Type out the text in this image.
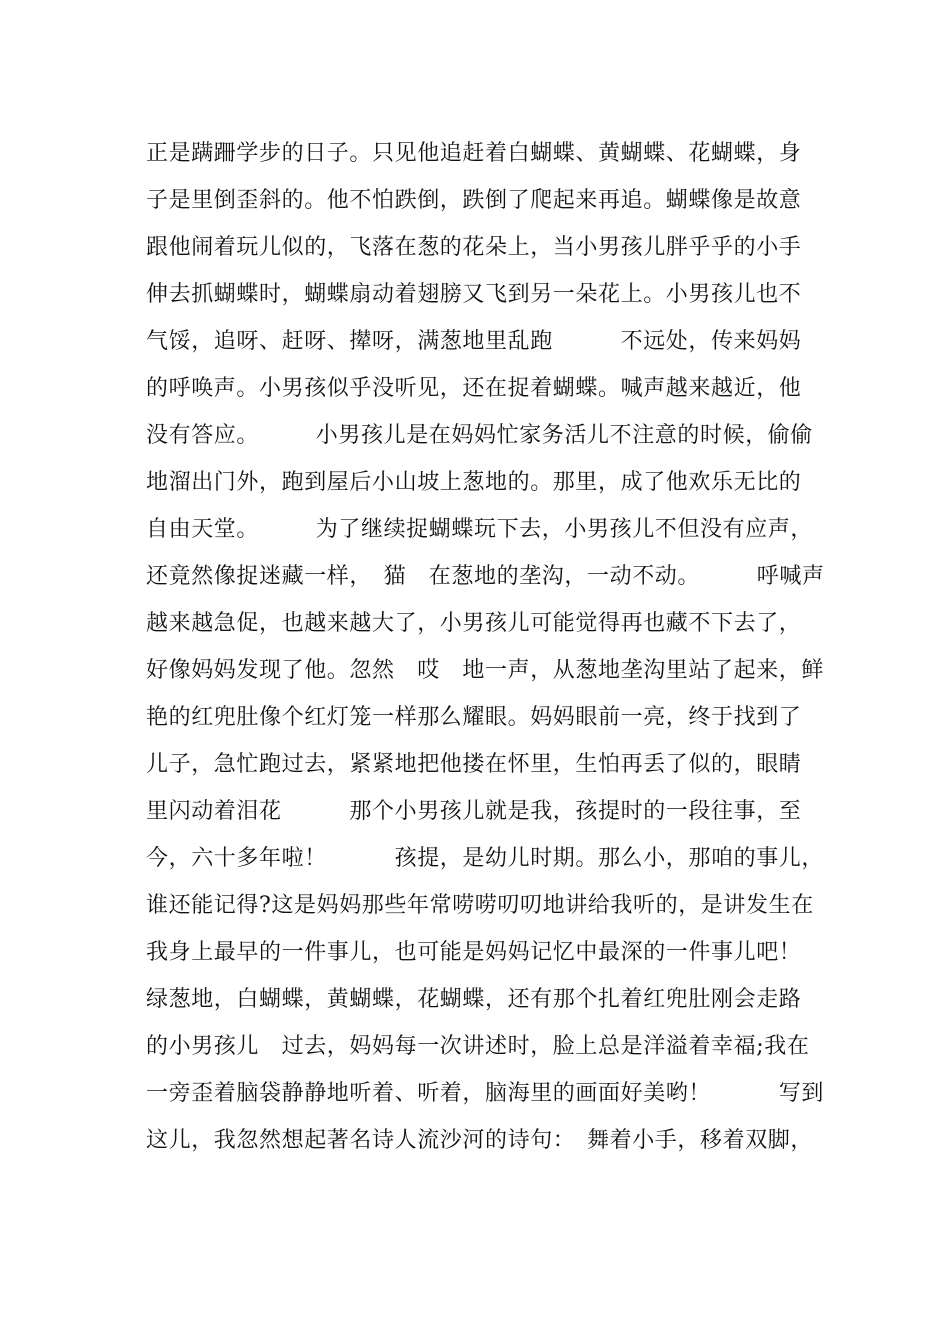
正是蹒跚学步的日子。只见他追赶着白蝴蝶、黄蝴蝶、花蝴蝶，身
子是里倒歪斜的。他不怕跌倒，跌倒了爬起来再追。蝴蝶像是故意
跟他闹着玩儿似的，飞落在葱的花朵上，当小男孩儿胖乎乎的小手
伸去抓蝴蝶时，蝴蝶扇动着翅膀又飞到另一朵花上。小男孩儿也不
气馁，追呀、赶呀、撵呀，满葱地里乱跑　　　不远处，传来妈妈
的呼唤声。小男孩似乎没听见，还在捉着蝴蝶。喊声越来越近，他
没有答应。　　　小男孩儿是在妈妈忙家务活儿不注意的时候，偷偷
地溜出门外，跑到屋后小山坡上葱地的。那里，成了他欢乐无比的
自由天堂。　　　为了继续捉蝴蝶玩下去，小男孩儿不但没有应声，
还竟然像捉迷藏一样，　猫　在葱地的垄沟，一动不动。　　　呼喊声
越来越急促，也越来越大了，小男孩儿可能觉得再也藏不下去了，
好像妈妈发现了他。忽然　哎　地一声，从葱地垄沟里站了起来，鲜
艳的红兜肚像个红灯笼一样那么耀眼。妈妈眼前一亮，终于找到了
儿子，急忙跑过去，紧紧地把他搂在怀里，生怕再丢了似的，眼睛
里闪动着泪花　　　那个小男孩儿就是我，孩提时的一段往事，至
今，六十多年啦！　　　孩提，是幼儿时期。那么小，那咱的事儿，
谁还能记得?这是妈妈那些年常唠唠叨叨地讲给我听的，是讲发生在
我身上最早的一件事儿，也可能是妈妈记忆中最深的一件事儿吧！
绿葱地，白蝴蝶，黄蝴蝶，花蝴蝶，还有那个扎着红兜肚刚会走路
的小男孩儿　过去，妈妈每一次讲述时，脸上总是洋溢着幸福;我在
一旁歪着脑袋静静地听着、听着，脑海里的画面好美哟！　　　写到
这儿，我忽然想起著名诗人流沙河的诗句：　舞着小手，移着双脚，
